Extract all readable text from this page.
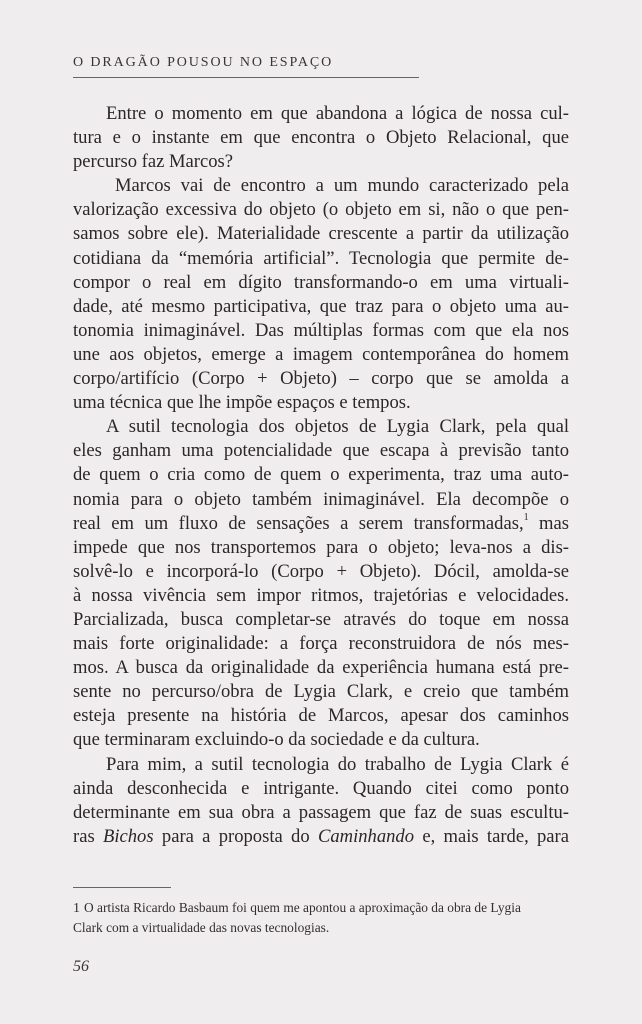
O DRAGÃO POUSOU NO ESPAÇO
Entre o momento em que abandona a lógica de nossa cul-
tura e o instante em que encontra o Objeto Relacional, que
percurso faz Marcos?
Marcos vai de encontro a um mundo caracterizado pela
valorização excessiva do objeto (o objeto em si, não o que pen-
samos sobre ele). Materialidade crescente a partir da utilização
cotidiana da “memória artificial”. Tecnologia que permite de-
compor o real em dígito transformando-o em uma virtuali-
dade, até mesmo participativa, que traz para o objeto uma au-
tonomia inimaginável. Das múltiplas formas com que ela nos
une aos objetos, emerge a imagem contemporânea do homem
corpo/artifício (Corpo + Objeto) – corpo que se amolda a
uma técnica que lhe impõe espaços e tempos.
A sutil tecnologia dos objetos de Lygia Clark, pela qual
eles ganham uma potencialidade que escapa à previsão tanto
de quem o cria como de quem o experimenta, traz uma auto-
nomia para o objeto também inimaginável. Ela decompõe o
real em um fluxo de sensações a serem transformadas,$^1$ mas
impede que nos transportemos para o objeto; leva-nos a dis-
solvê-lo e incorporá-lo (Corpo + Objeto). Dócil, amolda-se
à nossa vivência sem impor ritmos, trajetórias e velocidades.
Parcializada, busca completar-se através do toque em nossa
mais forte originalidade: a força reconstruidora de nós mes-
mos. A busca da originalidade da experiência humana está pre-
sente no percurso/obra de Lygia Clark, e creio que também
esteja presente na história de Marcos, apesar dos caminhos
que terminaram excluindo-o da sociedade e da cultura.
Para mim, a sutil tecnologia do trabalho de Lygia Clark é
ainda desconhecida e intrigante. Quando citei como ponto
determinante em sua obra a passagem que faz de suas escultu-
ras Bichos para a proposta do Caminhando e, mais tarde, para
1 O artista Ricardo Basbaum foi quem me apontou a aproximação da obra de Lygia
Clark com a virtualidade das novas tecnologias.
56
